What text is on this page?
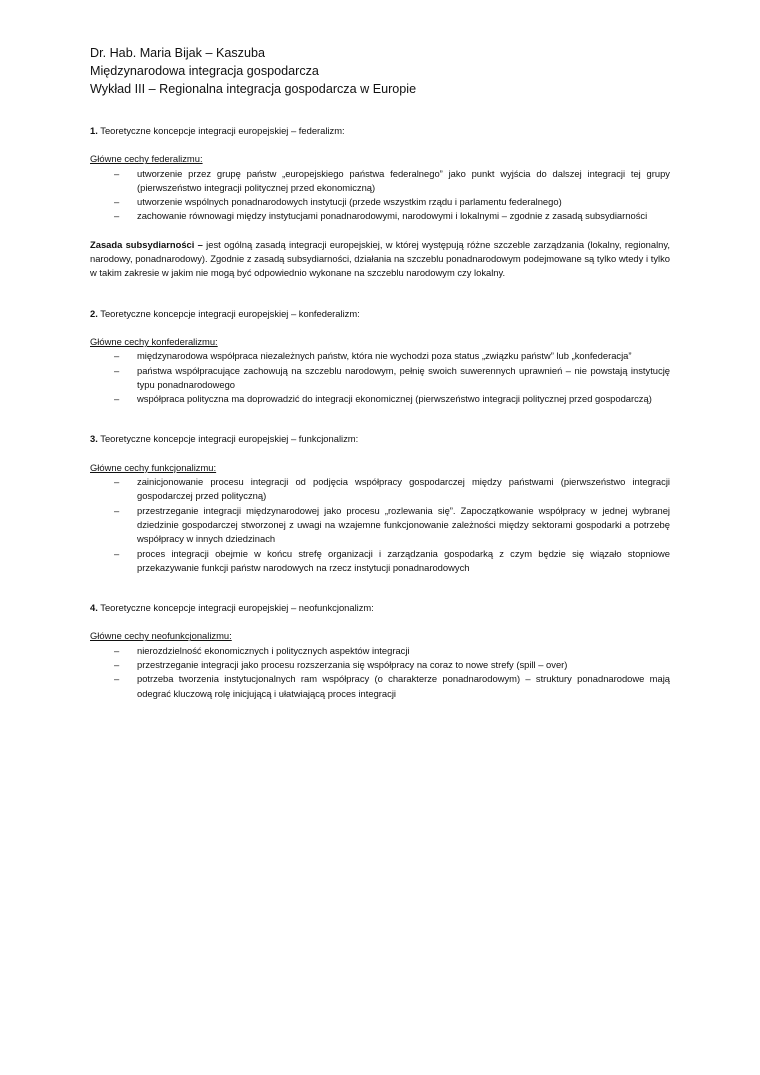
Dr. Hab. Maria Bijak – Kaszuba
Międzynarodowa integracja gospodarcza
Wykład III – Regionalna integracja gospodarcza w Europie
1. Teoretyczne koncepcje integracji europejskiej – federalizm:
Główne cechy federalizmu:
– utworzenie przez grupę państw „europejskiego państwa federalnego” jako punkt wyjścia do dalszej integracji tej grupy (pierwszeństwo integracji politycznej przed ekonomiczną)
– utworzenie wspólnych ponadnarodowych instytucji (przede wszystkim rządu i parlamentu federalnego)
– zachowanie równowagi między instytucjami ponadnarodowymi, narodowymi i lokalnymi – zgodnie z zasadą subsydiarności
Zasada subsydiarności – jest ogólną zasadą integracji europejskiej, w której występują różne szczeble zarządzania (lokalny, regionalny, narodowy, ponadnarodowy). Zgodnie z zasadą subsydiarności, działania na szczeblu ponadnarodowym podejmowane są tylko wtedy i tylko w takim zakresie w jakim nie mogą być odpowiednio wykonane na szczeblu narodowym czy lokalny.
2. Teoretyczne koncepcje integracji europejskiej – konfederalizm:
Główne cechy konfederalizmu:
– międzynarodowa współpraca niezależnych państw, która nie wychodzi poza status „związku państw” lub „konfederacja”
– państwa współpracujące zachowują na szczeblu narodowym, pełnię swoich suwerennych uprawnień – nie powstają instytucję typu ponadnarodowego
– współpraca polityczna ma doprowadzić do integracji ekonomicznej (pierwszeństwo integracji politycznej przed gospodarczą)
3. Teoretyczne koncepcje integracji europejskiej – funkcjonalizm:
Główne cechy funkcjonalizmu:
– zainicjonowanie procesu integracji od podjęcia współpracy gospodarczej między państwami (pierwszeństwo integracji gospodarczej przed polityczną)
– przestrzeganie integracji międzynarodowej jako procesu „rozlewania się”. Zapoczątkowanie współpracy w jednej wybranej dziedzinie gospodarczej stworzonej z uwagi na wzajemne funkcjonowanie zależności między sektorami gospodarki a potrzebę współpracy w innych dziedzinach
– proces integracji obejmie w końcu strefę organizacji i zarządzania gospodarką z czym będzie się wiązało stopniowe przekazywanie funkcji państw narodowych na rzecz instytucji ponadnarodowych
4. Teoretyczne koncepcje integracji europejskiej – neofunkcjonalizm:
Główne cechy neofunkcjonalizmu:
– nierozdzielność ekonomicznych i politycznych aspektów integracji
– przestrzeganie integracji jako procesu rozszerzania się współpracy na coraz to nowe strefy (spill – over)
– potrzeba tworzenia instytucjonalnych ram współpracy (o charakterze ponadnarodowym) – struktury ponadnarodowe mają odegrać kluczową rolę inicjującą i ułatwiającą proces integracji
